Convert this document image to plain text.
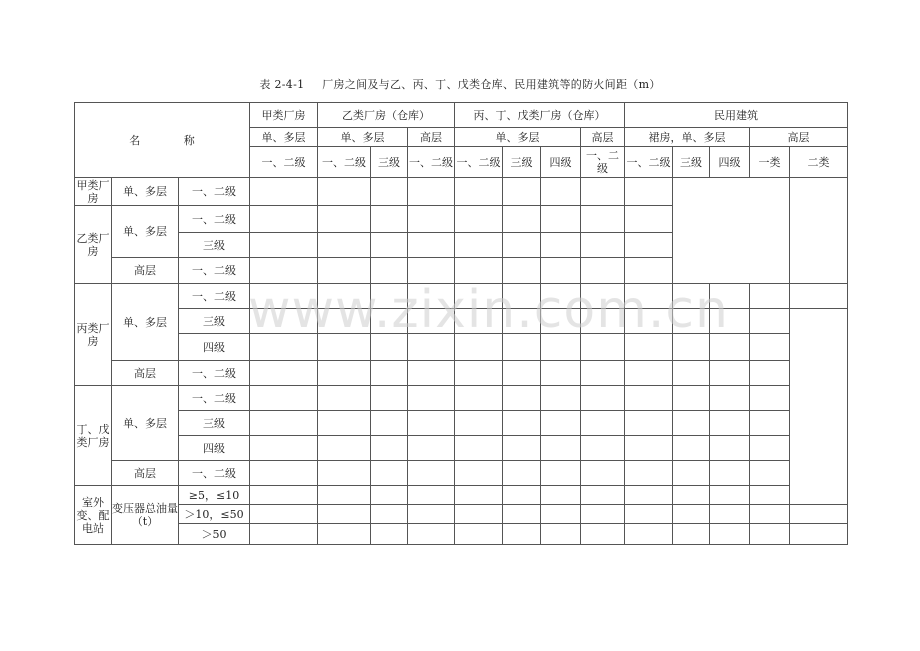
表 2-4-1 厂房之间及与乙、丙、丁、戊类仓库、民用建筑等的防火间距（m）
名 称			甲类厂房	乙类厂房（仓库）			丙、丁、戊类厂房（仓库）				民用建筑					
			单、多层	单、多层		高层	单、多层			高层	裙房，单、多层			高层		
			一、二级	一、二级	三级	一、二级	一、二级	三级	四级	一、二级	一、二级	三级	四级	一类	二类	
甲类厂房	单、多层	一、二级														
乙类厂房	单、多层	一、二级														
		三级														
	高层	一、二级														
丙类厂房	单、多层	一、二级														
		三级														
		四级														
	高层	一、二级														
丁、戊类厂房	单、多层	一、二级														
		三级														
		四级														
	高层	一、二级														
室外变、配电站	变压器总油量（t）	≥5，≤10														
		＞10，≤50														
		＞50														
www.zixin.com.cn
